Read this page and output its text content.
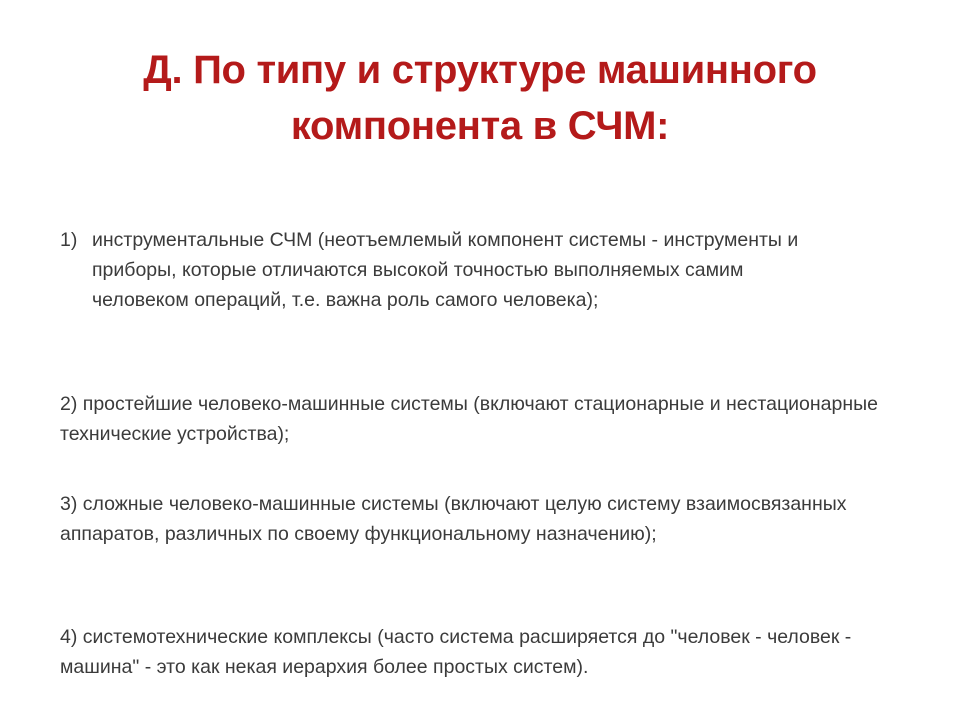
Д. По типу и структуре машинного
компонента в СЧМ:
1) инструментальные СЧМ (неотъемлемый компонент системы - инструменты и приборы, которые отличаются высокой точностью выполняемых самим человеком операций, т.е. важна роль самого человека);

2) простейшие человеко-машинные системы (включают стационарные и нестационарные технические устройства);

3) сложные человеко-машинные системы (включают целую систему взаимосвязанных аппаратов, различных по своему функциональному назначению);

4) системотехнические комплексы (часто система расширяется до "человек - человек - машина" - это как некая иерархия более простых систем).
